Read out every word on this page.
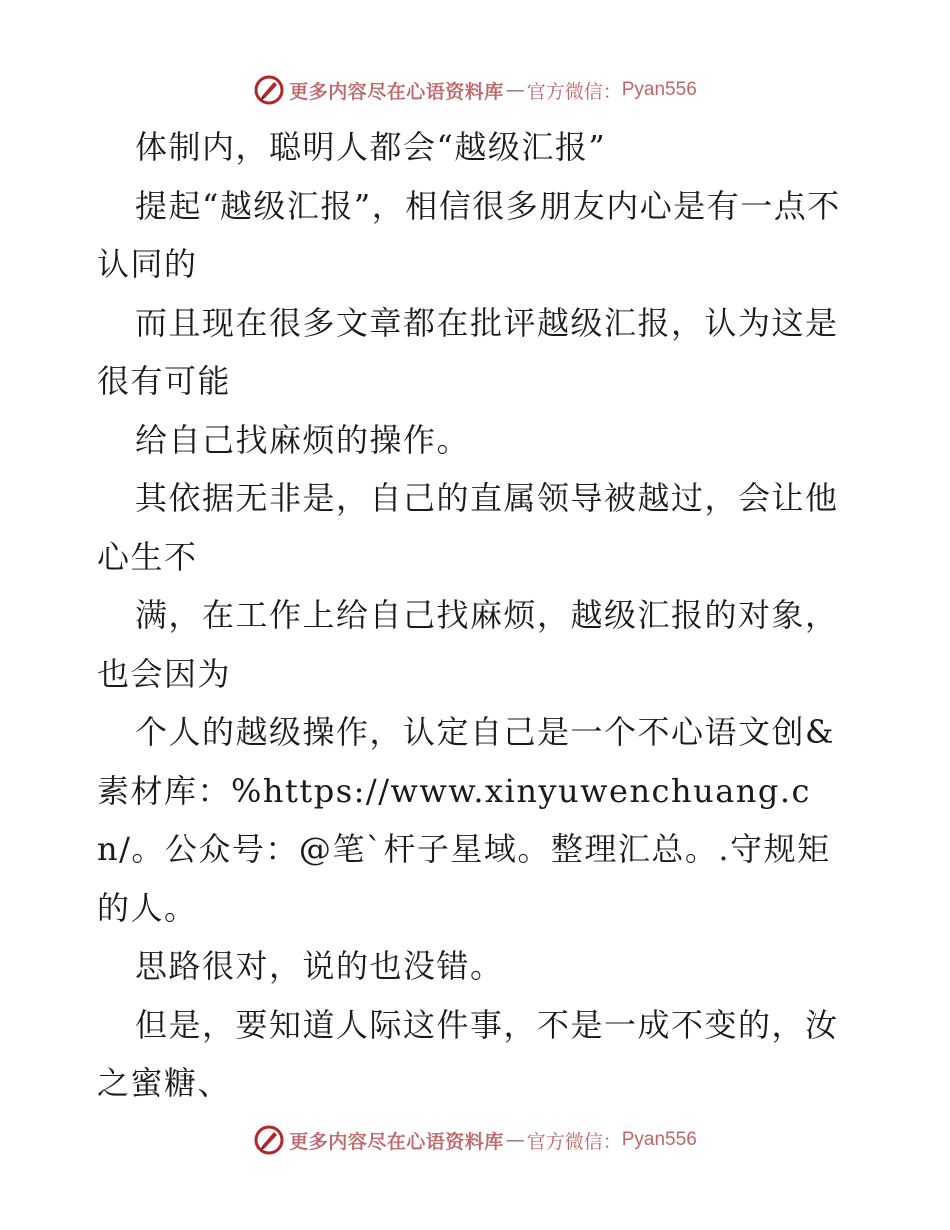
更多内容尽在心语资料库 — 官方微信： Pyan556

体制内，聪明人都会“越级汇报”

提起“越级汇报”，相信很多朋友内心是有一点不认同的

而且现在很多文章都在批评越级汇报，认为这是很有可能

给自己找麻烦的操作。

其依据无非是，自己的直属领导被越过，会让他心生不

满，在工作上给自己找麻烦，越级汇报的对象，也会因为

个人的越级操作，认定自己是一个不心语文创&素材库：%https://www.xinyuwenchuang.cn/。公众号：@笔`杆子星域。整理汇总。.守规矩的人。

思路很对，说的也没错。

但是，要知道人际这件事，不是一成不变的，汝之蜜糖、

更多内容尽在心语资料库 — 官方微信： Pyan556
